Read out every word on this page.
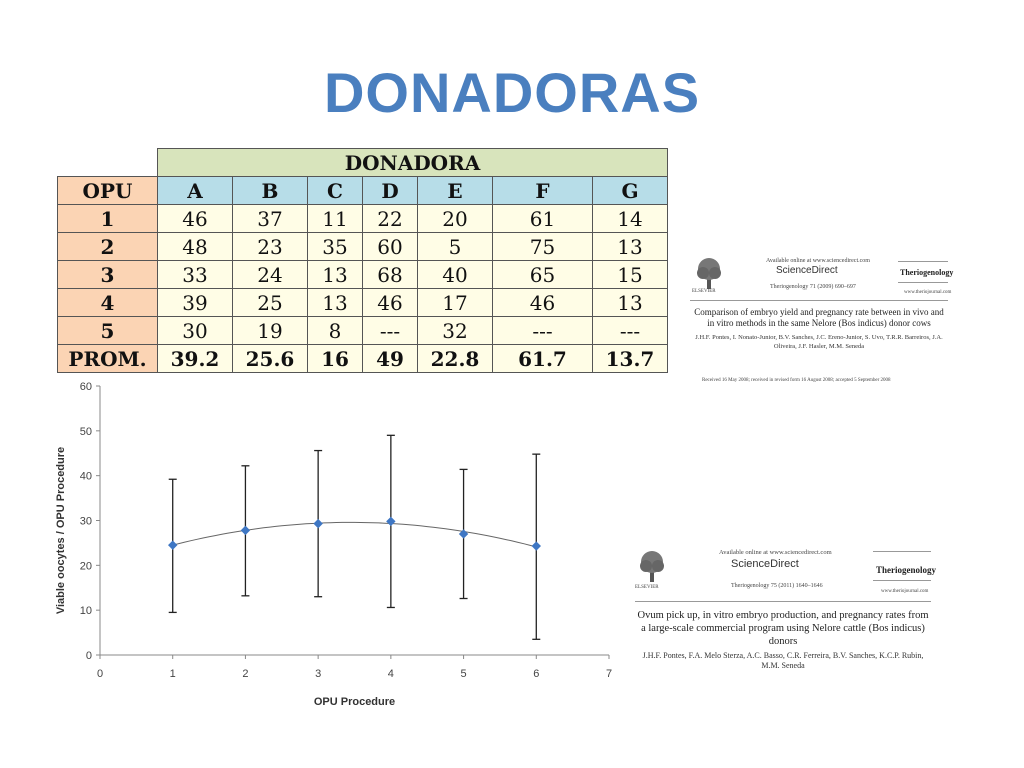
DONADORAS
	DONADORA						
OPU	A	B	C	D	E	F	G
1	46	37	11	22	20	61	14
2	48	23	35	60	5	75	13
3	33	24	13	68	40	65	15
4	39	25	13	46	17	46	13
5	30	19	8	---	32	---	---
PROM.	39.2	25.6	16	49	22.8	61.7	13.7
0
10
20
30
40
50
60
0	1	2	3	4	5	6	7
OPU Procedure
Viable oocytes / OPU Procedure
ELSEVIER
Available online at www.sciencedirect.com
ScienceDirect
Theriogenology 71 (2009) 690–697
Theriogenology
www.theriojournal.com
Comparison of embryo yield and pregnancy rate between in vivo and in vitro methods in the same Nelore (Bos indicus) donor cows
J.H.F. Pontes, I. Nonato-Junior, B.V. Sanches, J.C. Ereno-Junior, S. Uvo, T.R.R. Barreiros, J.A. Oliveira, J.F. Hasler, M.M. Seneda
Received 16 May 2008; received in revised form 16 August 2008; accepted 5 September 2008
ELSEVIER
Available online at www.sciencedirect.com
ScienceDirect
Theriogenology 75 (2011) 1640–1646
Theriogenology
www.theriojournal.com
Ovum pick up, in vitro embryo production, and pregnancy rates from a large-scale commercial program using Nelore cattle (Bos indicus) donors
J.H.F. Pontes, F.A. Melo Sterza, A.C. Basso, C.R. Ferreira, B.V. Sanches, K.C.P. Rubin, M.M. Seneda
